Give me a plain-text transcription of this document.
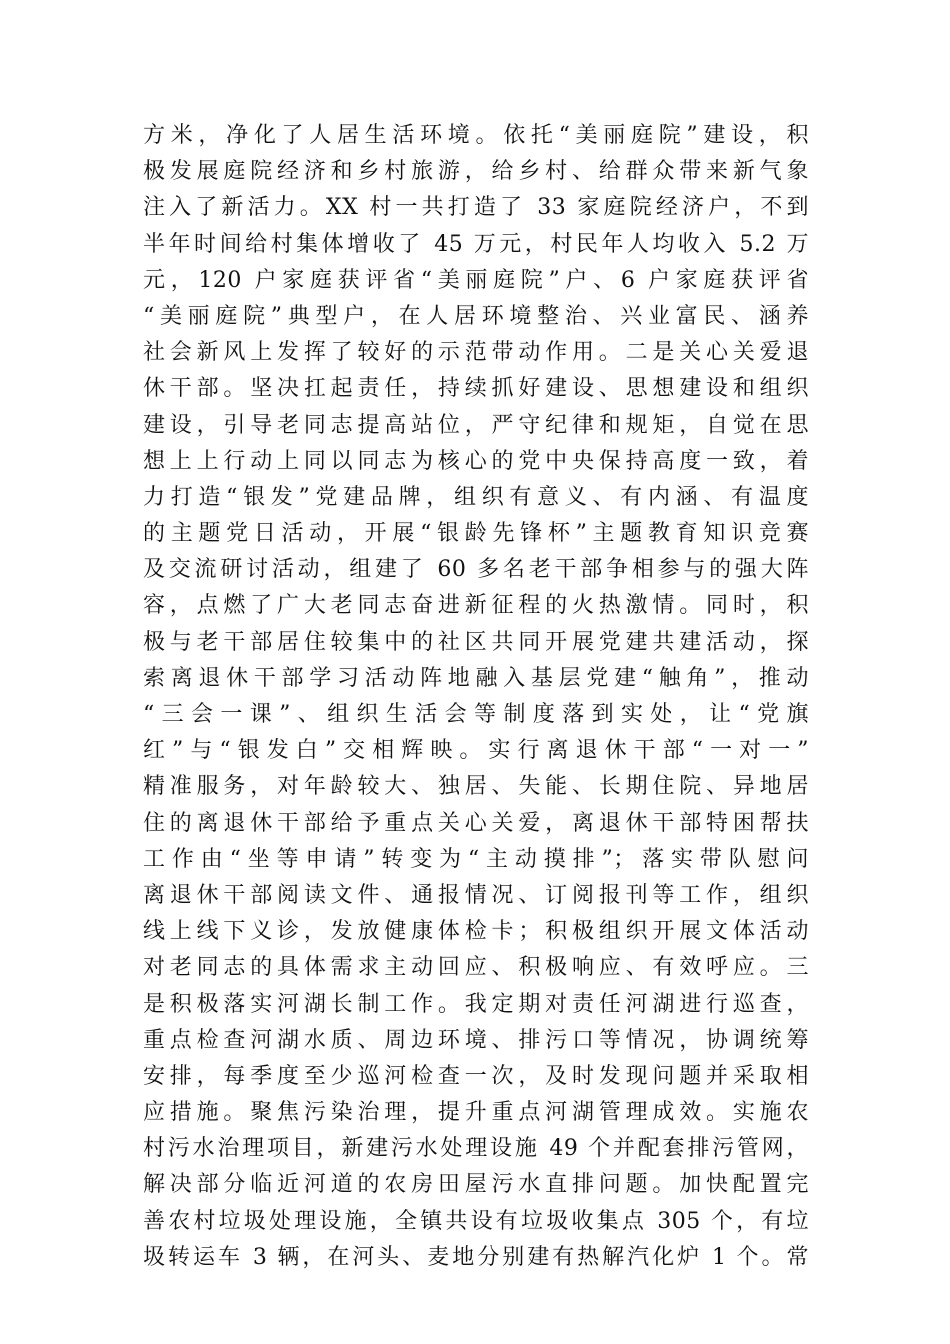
方米，净化了人居生活环境。依托“美丽庭院”建设，积
极发展庭院经济和乡村旅游，给乡村、给群众带来新气象
注入了新活力。XX 村一共打造了 33 家庭院经济户，不到
半年时间给村集体增收了 45 万元，村民年人均收入 5.2 万
元，120 户家庭获评省“美丽庭院”户、6 户家庭获评省
“美丽庭院”典型户，在人居环境整治、兴业富民、涵养
社会新风上发挥了较好的示范带动作用。二是关心关爱退
休干部。坚决扛起责任，持续抓好建设、思想建设和组织
建设，引导老同志提高站位，严守纪律和规矩，自觉在思
想上上行动上同以同志为核心的党中央保持高度一致，着
力打造“银发”党建品牌，组织有意义、有内涵、有温度
的主题党日活动，开展“银龄先锋杯”主题教育知识竞赛
及交流研讨活动，组建了 60 多名老干部争相参与的强大阵
容，点燃了广大老同志奋进新征程的火热激情。同时，积
极与老干部居住较集中的社区共同开展党建共建活动，探
索离退休干部学习活动阵地融入基层党建“触角”，推动
“三会一课”、组织生活会等制度落到实处，让“党旗
红”与“银发白”交相辉映。实行离退休干部“一对一”
精准服务，对年龄较大、独居、失能、长期住院、异地居
住的离退休干部给予重点关心关爱，离退休干部特困帮扶
工作由“坐等申请”转变为“主动摸排”；落实带队慰问
离退休干部阅读文件、通报情况、订阅报刊等工作，组织
线上线下义诊，发放健康体检卡；积极组织开展文体活动
对老同志的具体需求主动回应、积极响应、有效呼应。三
是积极落实河湖长制工作。我定期对责任河湖进行巡查，
重点检查河湖水质、周边环境、排污口等情况，协调统筹
安排，每季度至少巡河检查一次，及时发现问题并采取相
应措施。聚焦污染治理，提升重点河湖管理成效。实施农
村污水治理项目，新建污水处理设施 49 个并配套排污管网，
解决部分临近河道的农房田屋污水直排问题。加快配置完
善农村垃圾处理设施，全镇共设有垃圾收集点 305 个，有垃
圾转运车 3 辆，在河头、麦地分别建有热解汽化炉 1 个。常
